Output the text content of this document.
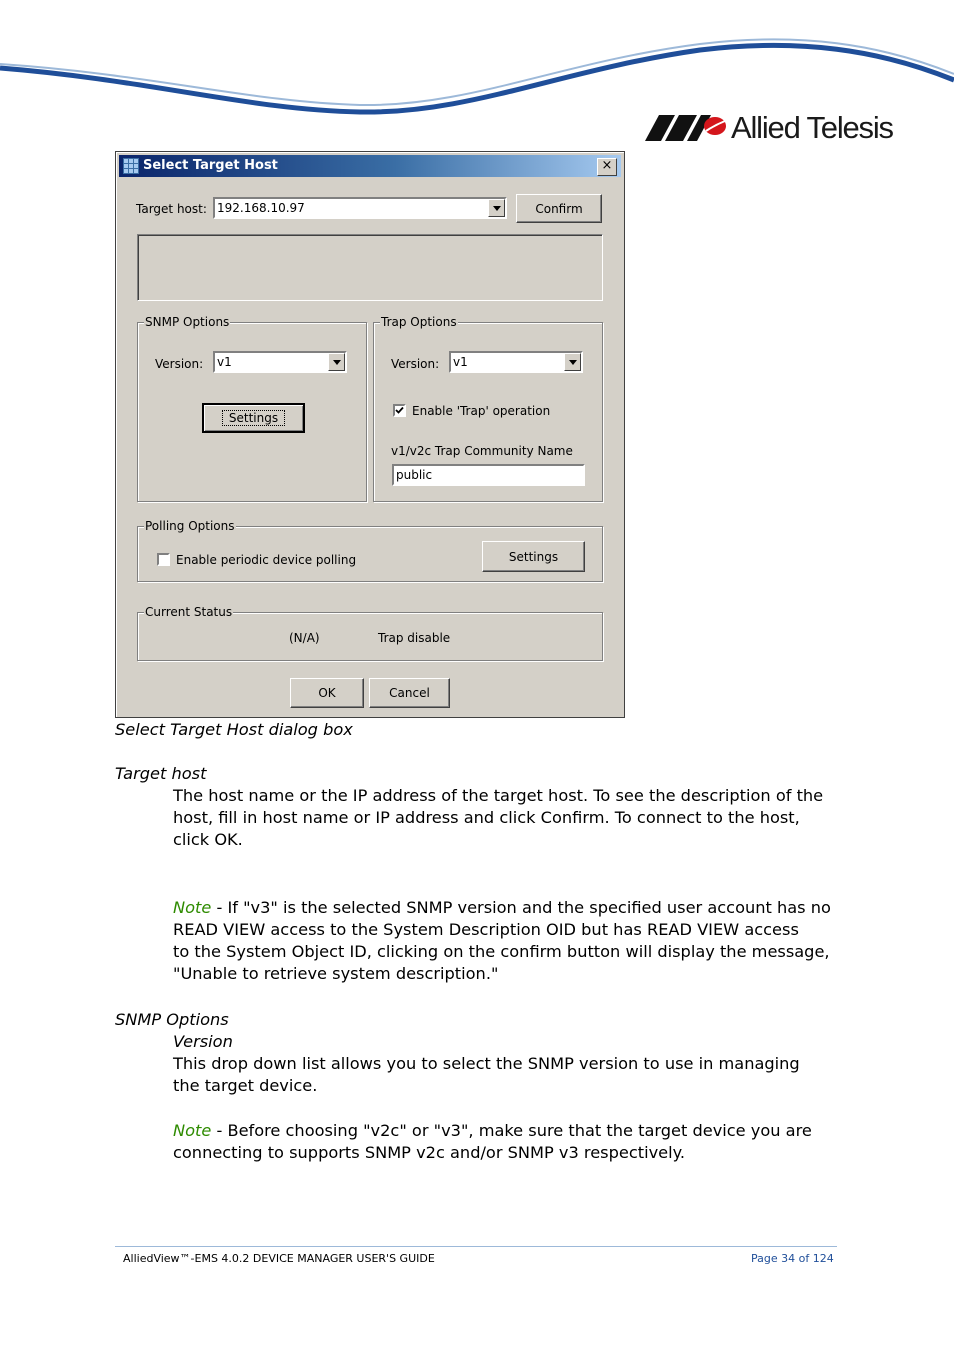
Allied Telesis
Select Target Host	×
Target host: 192.168.10.97	Confirm
SNMP Options
Version: v1
Settings
Trap Options
Version: v1
Enable 'Trap' operation
v1/v2c Trap Community Name
public
Polling Options
Enable periodic device polling	Settings
Current Status
(N/A)	Trap disable
OK	Cancel
Select Target Host dialog box
Target host
The host name or the IP address of the target host. To see the description of the
host, fill in host name or IP address and click Confirm. To connect to the host,
click OK.
Note - If "v3" is the selected SNMP version and the specified user account has no
READ VIEW access to the System Description OID but has READ VIEW access
to the System Object ID, clicking on the confirm button will display the message,
"Unable to retrieve system description."
SNMP Options
Version
This drop down list allows you to select the SNMP version to use in managing
the target device.
Note - Before choosing "v2c" or "v3", make sure that the target device you are
connecting to supports SNMP v2c and/or SNMP v3 respectively.
AlliedView™-EMS 4.0.2 DEVICE MANAGER USER'S GUIDE	Page 34 of 124
